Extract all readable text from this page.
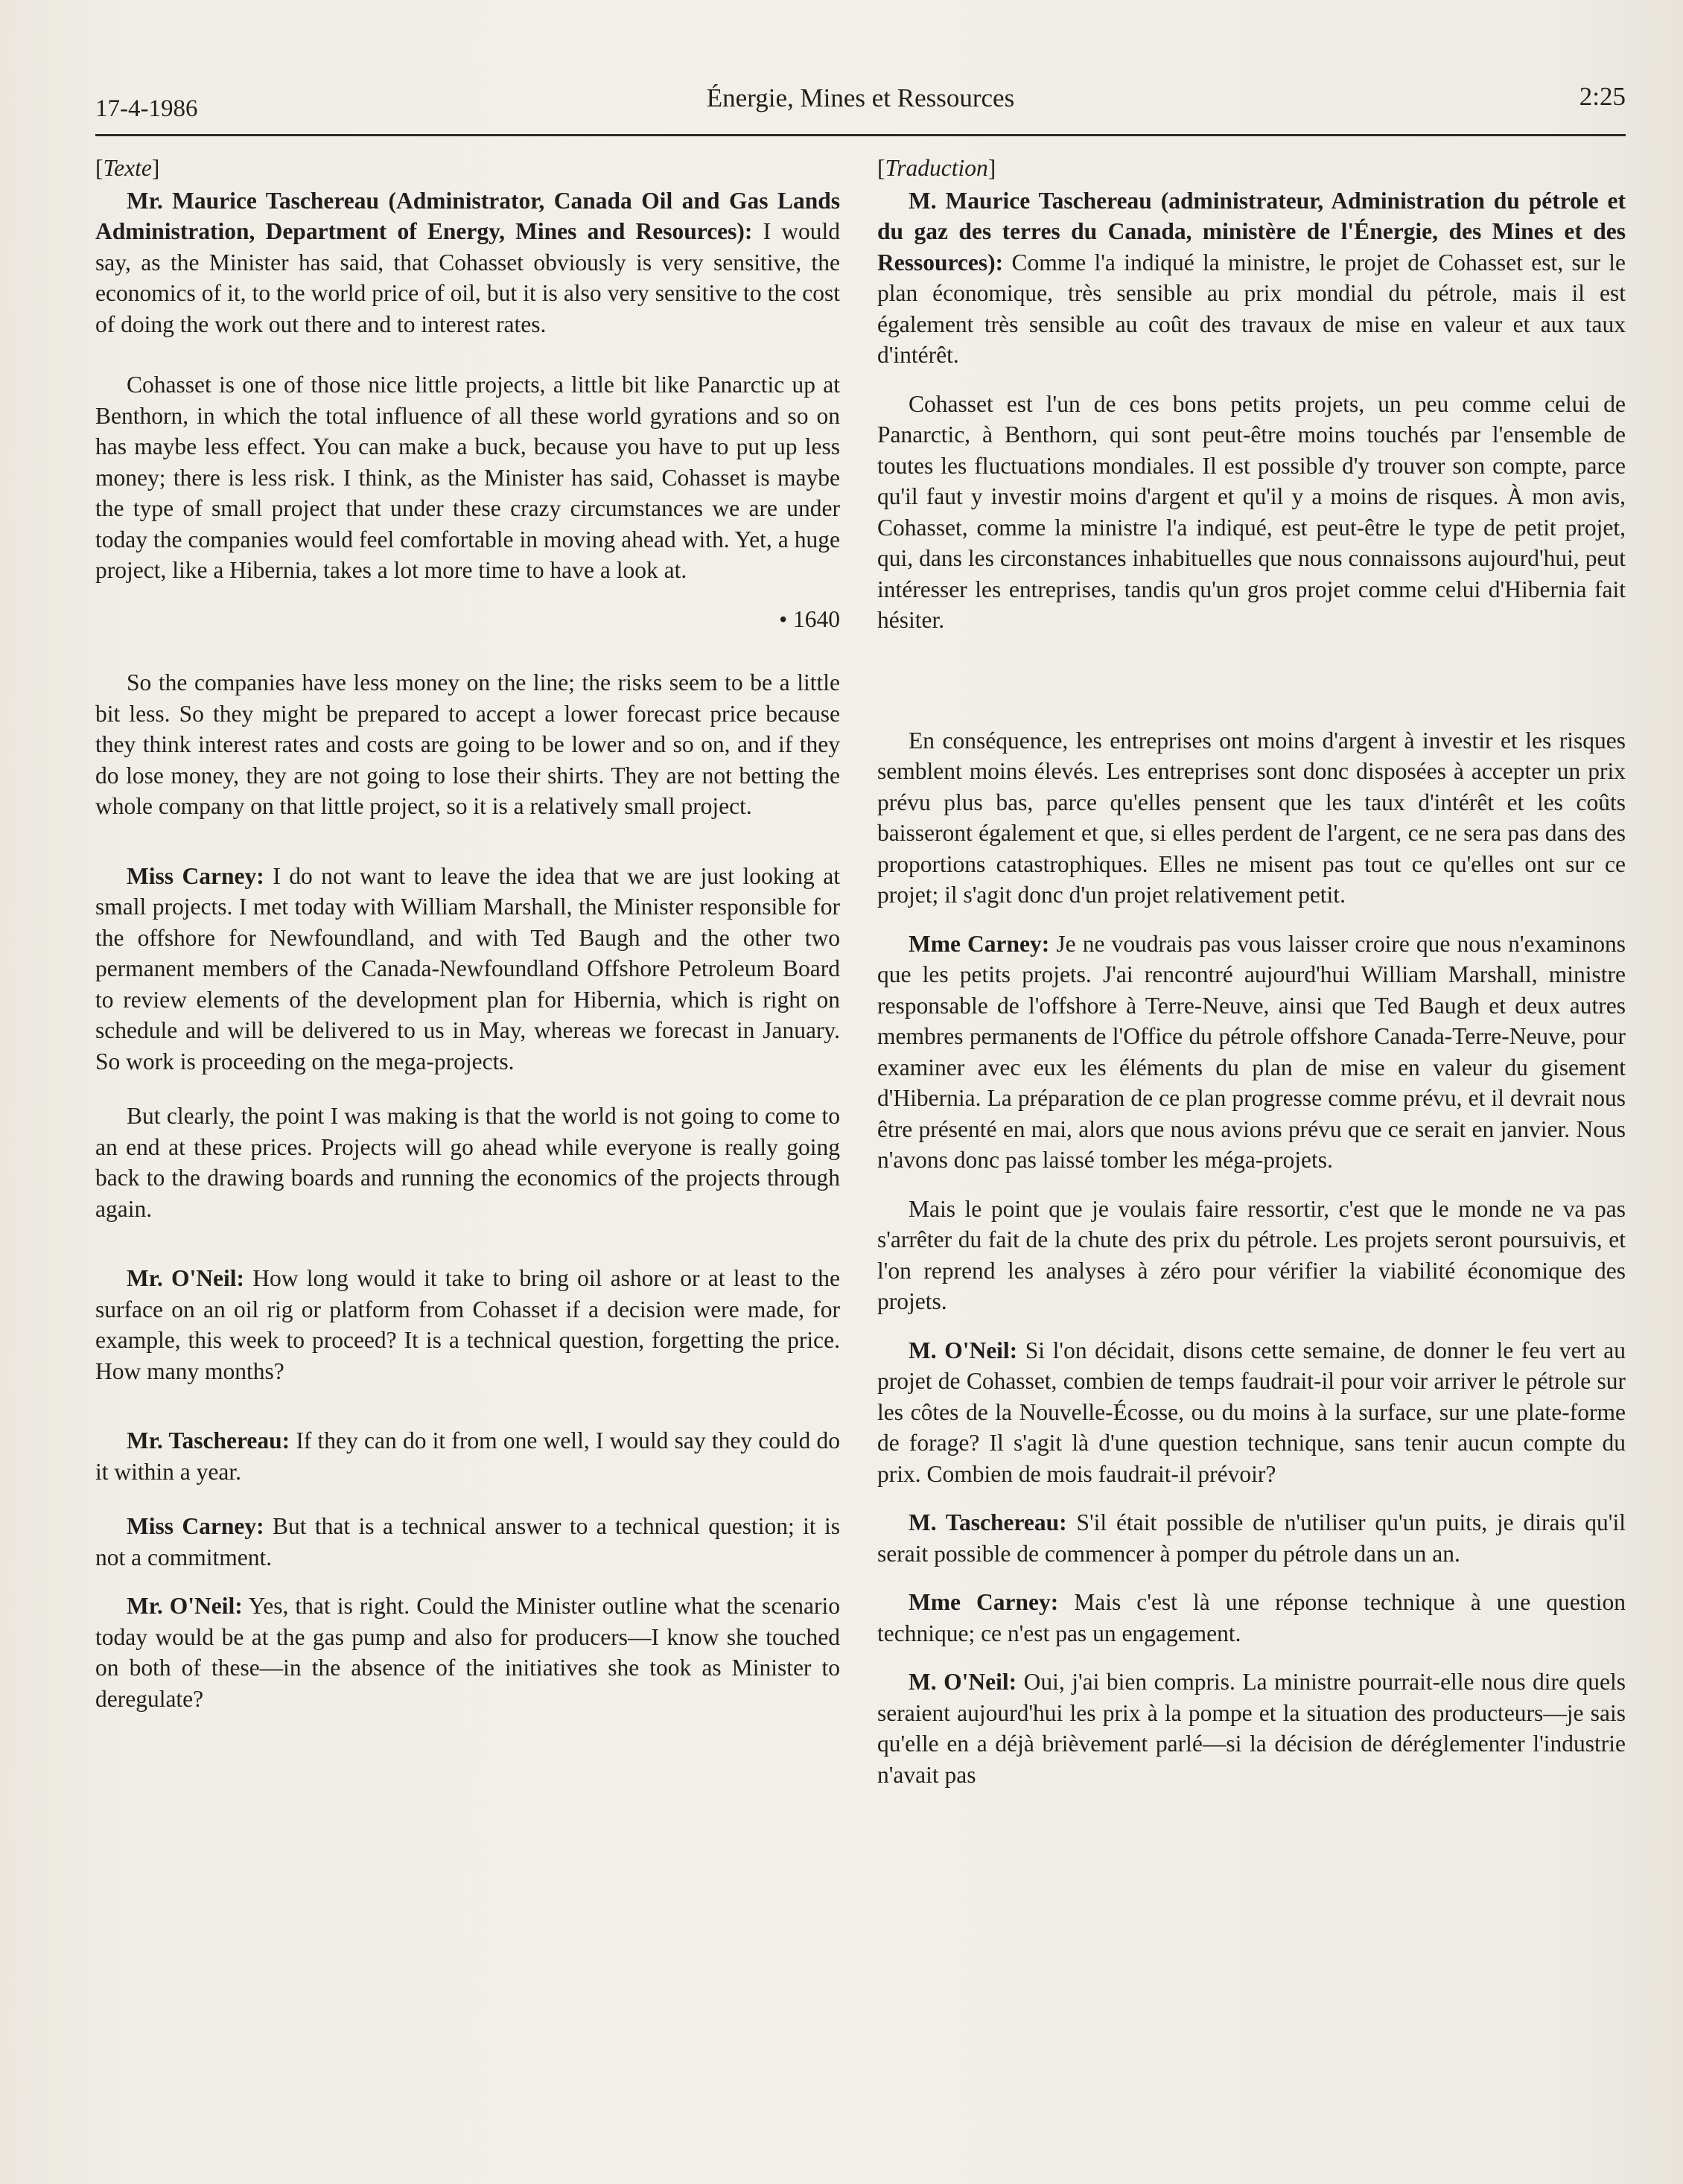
17-4-1986	Énergie, Mines et Ressources	2:25
[Texte]

Mr. Maurice Taschereau (Administrator, Canada Oil and Gas Lands Administration, Department of Energy, Mines and Resources): I would say, as the Minister has said, that Cohasset obviously is very sensitive, the economics of it, to the world price of oil, but it is also very sensitive to the cost of doing the work out there and to interest rates.

Cohasset is one of those nice little projects, a little bit like Panarctic up at Benthorn, in which the total influence of all these world gyrations and so on has maybe less effect. You can make a buck, because you have to put up less money; there is less risk. I think, as the Minister has said, Cohasset is maybe the type of small project that under these crazy circumstances we are under today the companies would feel comfortable in moving ahead with. Yet, a huge project, like a Hibernia, takes a lot more time to have a look at.

• 1640

So the companies have less money on the line; the risks seem to be a little bit less. So they might be prepared to accept a lower forecast price because they think interest rates and costs are going to be lower and so on, and if they do lose money, they are not going to lose their shirts. They are not betting the whole company on that little project, so it is a relatively small project.

Miss Carney: I do not want to leave the idea that we are just looking at small projects. I met today with William Marshall, the Minister responsible for the offshore for Newfoundland, and with Ted Baugh and the other two permanent members of the Canada-Newfoundland Offshore Petroleum Board to review elements of the development plan for Hibernia, which is right on schedule and will be delivered to us in May, whereas we forecast in January. So work is proceeding on the mega-projects.

But clearly, the point I was making is that the world is not going to come to an end at these prices. Projects will go ahead while everyone is really going back to the drawing boards and running the economics of the projects through again.

Mr. O'Neil: How long would it take to bring oil ashore or at least to the surface on an oil rig or platform from Cohasset if a decision were made, for example, this week to proceed? It is a technical question, forgetting the price. How many months?

Mr. Taschereau: If they can do it from one well, I would say they could do it within a year.

Miss Carney: But that is a technical answer to a technical question; it is not a commitment.

Mr. O'Neil: Yes, that is right. Could the Minister outline what the scenario today would be at the gas pump and also for producers—I know she touched on both of these—in the absence of the initiatives she took as Minister to deregulate?

[Traduction]

M. Maurice Taschereau (administrateur, Administration du pétrole et du gaz des terres du Canada, ministère de l'Énergie, des Mines et des Ressources): Comme l'a indiqué la ministre, le projet de Cohasset est, sur le plan économique, très sensible au prix mondial du pétrole, mais il est également très sensible au coût des travaux de mise en valeur et aux taux d'intérêt.

Cohasset est l'un de ces bons petits projets, un peu comme celui de Panarctic, à Benthorn, qui sont peut-être moins touchés par l'ensemble de toutes les fluctuations mondiales. Il est possible d'y trouver son compte, parce qu'il faut y investir moins d'argent et qu'il y a moins de risques. À mon avis, Cohasset, comme la ministre l'a indiqué, est peut-être le type de petit projet, qui, dans les circonstances inhabituelles que nous connaissons aujourd'hui, peut intéresser les entreprises, tandis qu'un gros projet comme celui d'Hibernia fait hésiter.

En conséquence, les entreprises ont moins d'argent à investir et les risques semblent moins élevés. Les entreprises sont donc disposées à accepter un prix prévu plus bas, parce qu'elles pensent que les taux d'intérêt et les coûts baisseront également et que, si elles perdent de l'argent, ce ne sera pas dans des proportions catastrophiques. Elles ne misent pas tout ce qu'elles ont sur ce projet; il s'agit donc d'un projet relativement petit.

Mme Carney: Je ne voudrais pas vous laisser croire que nous n'examinons que les petits projets. J'ai rencontré aujourd'hui William Marshall, ministre responsable de l'offshore à Terre-Neuve, ainsi que Ted Baugh et deux autres membres permanents de l'Office du pétrole offshore Canada-Terre-Neuve, pour examiner avec eux les éléments du plan de mise en valeur du gisement d'Hibernia. La préparation de ce plan progresse comme prévu, et il devrait nous être présenté en mai, alors que nous avions prévu que ce serait en janvier. Nous n'avons donc pas laissé tomber les méga-projets.

Mais le point que je voulais faire ressortir, c'est que le monde ne va pas s'arrêter du fait de la chute des prix du pétrole. Les projets seront poursuivis, et l'on reprend les analyses à zéro pour vérifier la viabilité économique des projets.

M. O'Neil: Si l'on décidait, disons cette semaine, de donner le feu vert au projet de Cohasset, combien de temps faudrait-il pour voir arriver le pétrole sur les côtes de la Nouvelle-Écosse, ou du moins à la surface, sur une plate-forme de forage? Il s'agit là d'une question technique, sans tenir aucun compte du prix. Combien de mois faudrait-il prévoir?

M. Taschereau: S'il était possible de n'utiliser qu'un puits, je dirais qu'il serait possible de commencer à pomper du pétrole dans un an.

Mme Carney: Mais c'est là une réponse technique à une question technique; ce n'est pas un engagement.

M. O'Neil: Oui, j'ai bien compris. La ministre pourrait-elle nous dire quels seraient aujourd'hui les prix à la pompe et la situation des producteurs—je sais qu'elle en a déjà brièvement parlé—si la décision de déréglementer l'industrie n'avait pas
